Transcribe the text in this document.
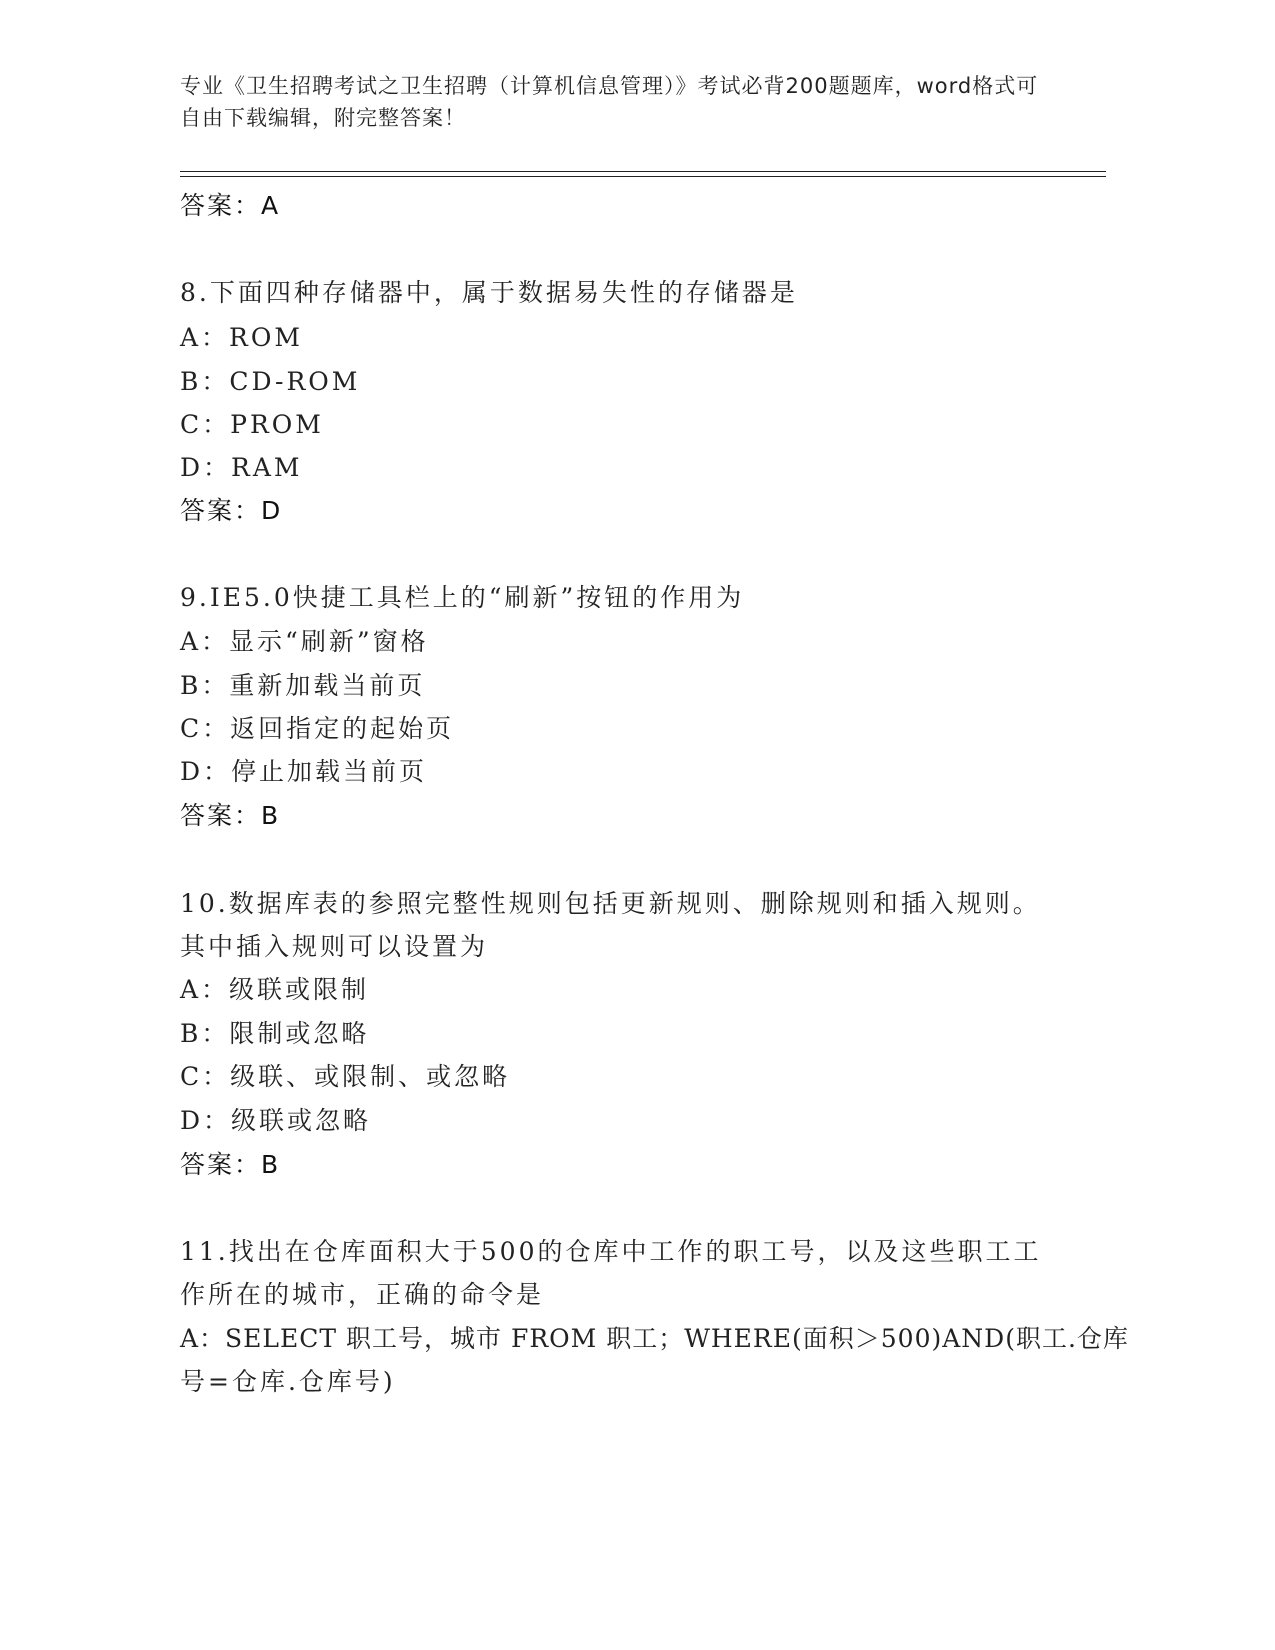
专业《卫生招聘考试之卫生招聘（计算机信息管理）》考试必背200题题库，word格式可自由下载编辑，附完整答案！
答案：A
8.下面四种存储器中，属于数据易失性的存储器是
A：ROM
B：CD-ROM
C：PROM
D：RAM
答案：D
9.IE5.0快捷工具栏上的“刷新”按钮的作用为
A：显示“刷新”窗格
B：重新加载当前页
C：返回指定的起始页
D：停止加载当前页
答案：B
10.数据库表的参照完整性规则包括更新规则、删除规则和插入规则。
其中插入规则可以设置为
A：级联或限制
B：限制或忽略
C：级联、或限制、或忽略
D：级联或忽略
答案：B
11.找出在仓库面积大于500的仓库中工作的职工号，以及这些职工工
作所在的城市，正确的命令是
A：SELECT 职工号，城市 FROM 职工；WHERE(面积＞500)AND(职工.仓库
号=仓库.仓库号)
